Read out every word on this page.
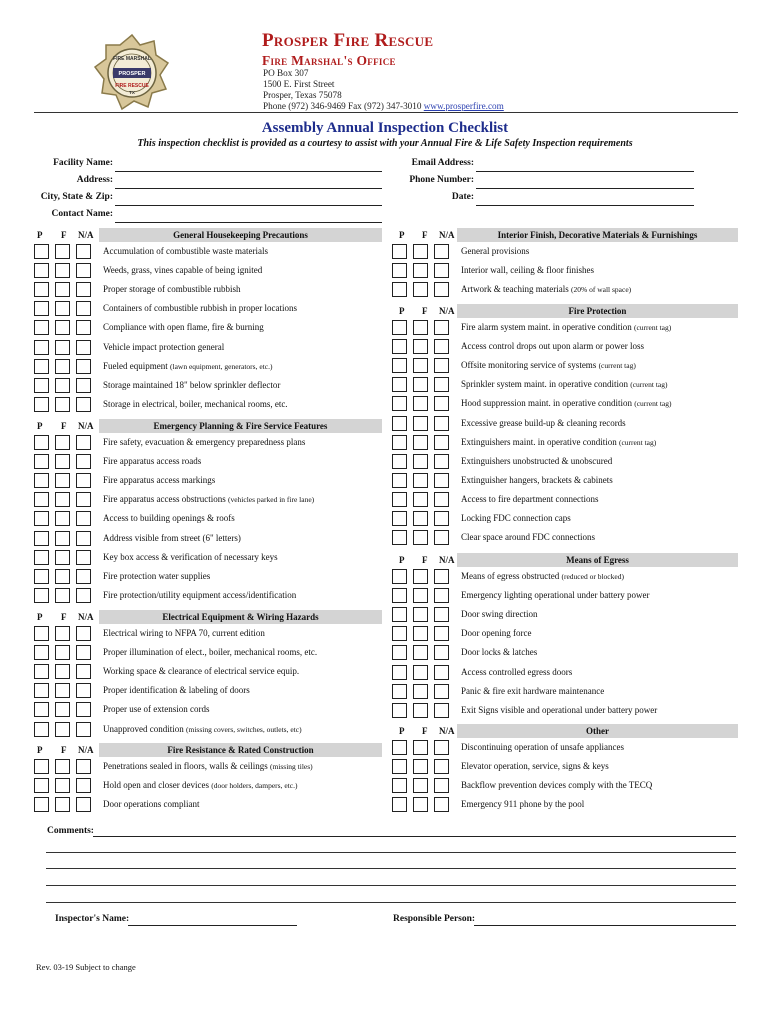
FIRE MARSHAL
PROSPER
FIRE RESCUE
TX
Prosper Fire Rescue
Fire Marshal's Office
PO Box 307
1500 E. First Street
Prosper, Texas 75078
Phone (972) 346-9469 Fax (972) 347-3010 www.prosperfire.com
Assembly Annual Inspection Checklist
This inspection checklist is provided as a courtesy to assist with your Annual Fire & Life Safety Inspection requirements
Facility Name:	Email Address:
Address:	Phone Number:
City, State & Zip:	Date:
Contact Name:
P F N/A	General Housekeeping Precautions
Accumulation of combustible waste materials
Weeds, grass, vines capable of being ignited
Proper storage of combustible rubbish
Containers of combustible rubbish in proper locations
Compliance with open flame, fire & burning
Vehicle impact protection general
Fueled equipment (lawn equipment, generators, etc.)
Storage maintained 18" below sprinkler deflector
Storage in electrical, boiler, mechanical rooms, etc.
P F N/A	Emergency Planning & Fire Service Features
Fire safety, evacuation & emergency preparedness plans
Fire apparatus access roads
Fire apparatus access markings
Fire apparatus access obstructions (vehicles parked in fire lane)
Access to building openings & roofs
Address visible from street (6" letters)
Key box access & verification of necessary keys
Fire protection water supplies
Fire protection/utility equipment access/identification
P F N/A	Electrical Equipment & Wiring Hazards
Electrical wiring to NFPA 70, current edition
Proper illumination of elect., boiler, mechanical rooms, etc.
Working space & clearance of electrical service equip.
Proper identification & labeling of doors
Proper use of extension cords
Unapproved condition (missing covers, switches, outlets, etc)
P F N/A	Fire Resistance & Rated Construction
Penetrations sealed in floors, walls & ceilings (missing tiles)
Hold open and closer devices (door holders, dampers, etc.)
Door operations compliant
P F N/A	Interior Finish, Decorative Materials & Furnishings
General provisions
Interior wall, ceiling & floor finishes
Artwork & teaching materials (20% of wall space)
P F N/A	Fire Protection
Fire alarm system maint. in operative condition (current tag)
Access control drops out upon alarm or power loss
Offsite monitoring service of systems (current tag)
Sprinkler system maint. in operative condition (current tag)
Hood suppression maint. in operative condition (current tag)
Excessive grease build-up & cleaning records
Extinguishers maint. in operative condition (current tag)
Extinguishers unobstructed & unobscured
Extinguisher hangers, brackets & cabinets
Access to fire department connections
Locking FDC connection caps
Clear space around FDC connections
P F N/A	Means of Egress
Means of egress obstructed (reduced or blocked)
Emergency lighting operational under battery power
Door swing direction
Door opening force
Door locks & latches
Access controlled egress doors
Panic & fire exit hardware maintenance
Exit Signs visible and operational under battery power
P F N/A	Other
Discontinuing operation of unsafe appliances
Elevator operation, service, signs & keys
Backflow prevention devices comply with the TECQ
Emergency 911 phone by the pool
Comments:
Inspector's Name:	Responsible Person:
Rev. 03-19 Subject to change
